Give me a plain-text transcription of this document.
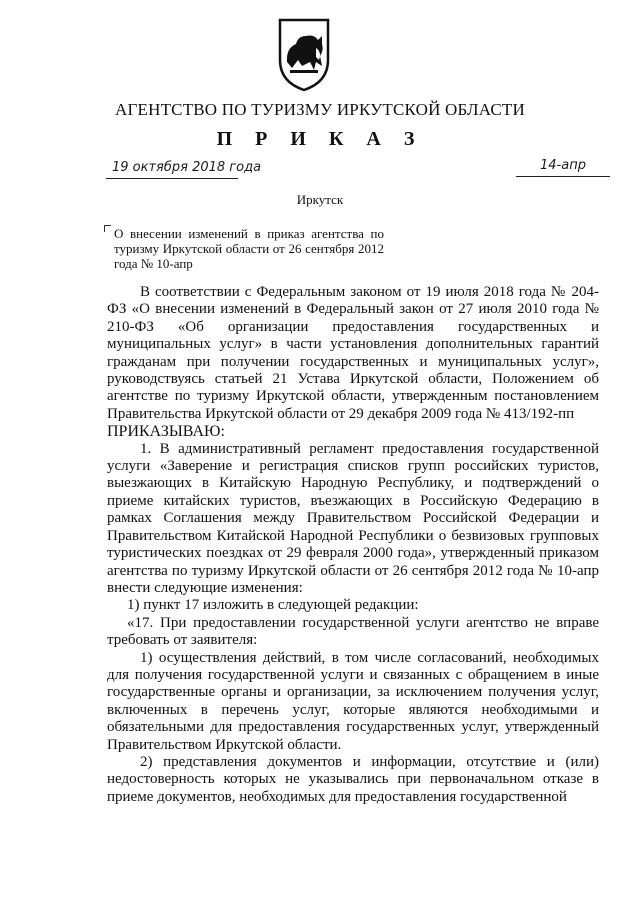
АГЕНТСТВО ПО ТУРИЗМУ ИРКУТСКОЙ ОБЛАСТИ
П Р И К А З
19 октября 2018 года	14-апр
Иркутск
О внесении изменений в приказ агентства по туризму Иркутской области от 26 сентября 2012 года № 10-апр

В соответствии с Федеральным законом от 19 июля 2018 года № 204-ФЗ «О внесении изменений в Федеральный закон от 27 июля 2010 года № 210-ФЗ «Об организации предоставления государственных и муниципальных услуг» в части установления дополнительных гарантий гражданам при получении государственных и муниципальных услуг», руководствуясь статьей 21 Устава Иркутской области, Положением об агентстве по туризму Иркутской области, утвержденным постановлением Правительства Иркутской области от 29 декабря 2009 года № 413/192-пп

ПРИКАЗЫВАЮ:

1. В административный регламент предоставления государственной услуги «Заверение и регистрация списков групп российских туристов, выезжающих в Китайскую Народную Республику, и подтверждений о приеме китайских туристов, въезжающих в Российскую Федерацию в рамках Соглашения между Правительством Российской Федерации и Правительством Китайской Народной Республики о безвизовых групповых туристических поездках от 29 февраля 2000 года», утвержденный приказом агентства по туризму Иркутской области от 26 сентября 2012 года № 10-апр внести следующие изменения:

1) пункт 17 изложить в следующей редакции:

«17. При предоставлении государственной услуги агентство не вправе требовать от заявителя:

1) осуществления действий, в том числе согласований, необходимых для получения государственной услуги и связанных с обращением в иные государственные органы и организации, за исключением получения услуг, включенных в перечень услуг, которые являются необходимыми и обязательными для предоставления государственных услуг, утвержденный Правительством Иркутской области.

2) представления документов и информации, отсутствие и (или) недостоверность которых не указывались при первоначальном отказе в приеме документов, необходимых для предоставления государственной
